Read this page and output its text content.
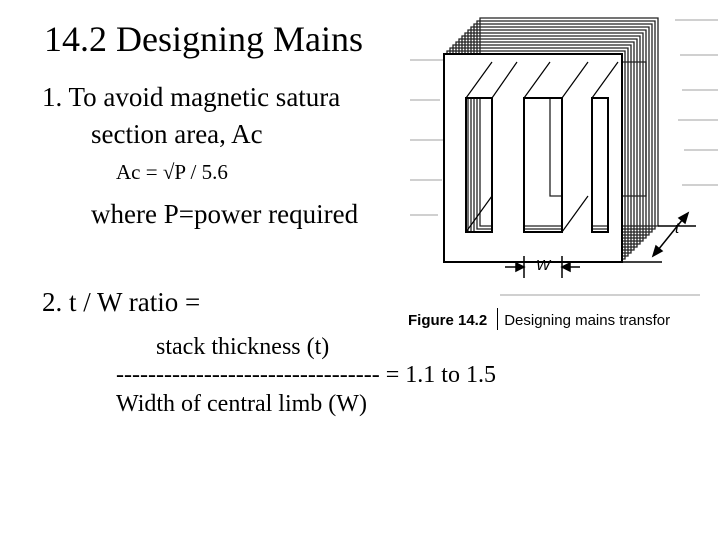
14.2 Designing Mains
1. To avoid magnetic satura
section area, Ac
Ac = √P / 5.6
where P=power required
2. t / W ratio =
stack thickness (t)
--------------------------------- = 1.1 to 1.5
Width of central limb (W)
W
t
Figure 14.2 Designing mains transfor
